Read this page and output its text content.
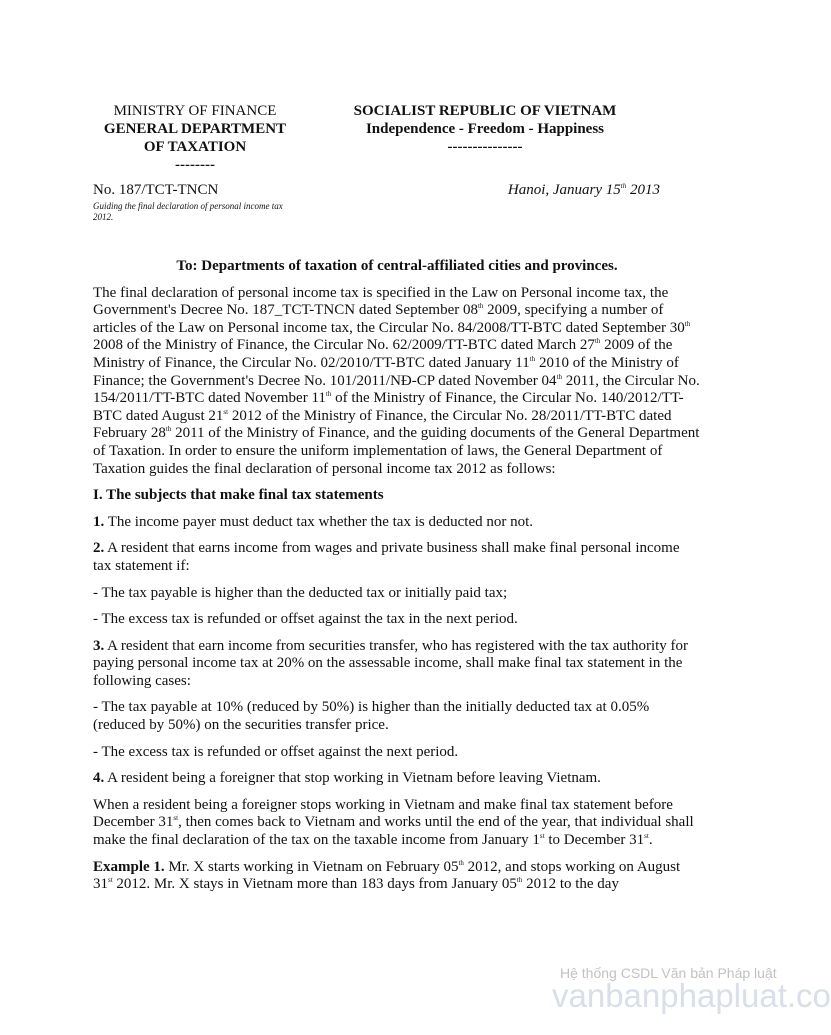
MINISTRY OF FINANCE
GENERAL DEPARTMENT
OF TAXATION
--------
SOCIALIST REPUBLIC OF VIETNAM
Independence - Freedom - Happiness
---------------
No. 187/TCT-TNCN
Guiding the final declaration of personal income tax 2012.
Hanoi, January 15th 2013

To: Departments of taxation of central-affiliated cities and provinces.

The final declaration of personal income tax is specified in the Law on Personal income tax, the Government's Decree No. 187_TCT-TNCN dated September 08th 2009, specifying a number of articles of the Law on Personal income tax, the Circular No. 84/2008/TT-BTC dated September 30th 2008 of the Ministry of Finance, the Circular No. 62/2009/TT-BTC dated March 27th 2009 of the Ministry of Finance, the Circular No. 02/2010/TT-BTC dated January 11th 2010 of the Ministry of Finance; the Government's Decree No. 101/2011/NĐ-CP dated November 04th 2011, the Circular No. 154/2011/TT-BTC dated November 11th of the Ministry of Finance, the Circular No. 140/2012/TT-BTC dated August 21st 2012 of the Ministry of Finance, the Circular No. 28/2011/TT-BTC dated February 28th 2011 of the Ministry of Finance, and the guiding documents of the General Department of Taxation. In order to ensure the uniform implementation of laws, the General Department of Taxation guides the final declaration of personal income tax 2012 as follows:

I. The subjects that make final tax statements

1. The income payer must deduct tax whether the tax is deducted nor not.

2. A resident that earns income from wages and private business shall make final personal income tax statement if:

- The tax payable is higher than the deducted tax or initially paid tax;

- The excess tax is refunded or offset against the tax in the next period.

3. A resident that earn income from securities transfer, who has registered with the tax authority for paying personal income tax at 20% on the assessable income, shall make final tax statement in the following cases:

- The tax payable at 10% (reduced by 50%) is higher than the initially deducted tax at 0.05% (reduced by 50%) on the securities transfer price.

- The excess tax is refunded or offset against the next period.

4. A resident being a foreigner that stop working in Vietnam before leaving Vietnam.

When a resident being a foreigner stops working in Vietnam and make final tax statement before December 31st, then comes back to Vietnam and works until the end of the year, that individual shall make the final declaration of the tax on the taxable income from January 1st to December 31st.

Example 1. Mr. X starts working in Vietnam on February 05th 2012, and stops working on August 31st 2012. Mr. X stays in Vietnam more than 183 days from January 05th 2012 to the day

Hệ thống CSDL Văn bản Pháp luật
vanbanphapluat.co
